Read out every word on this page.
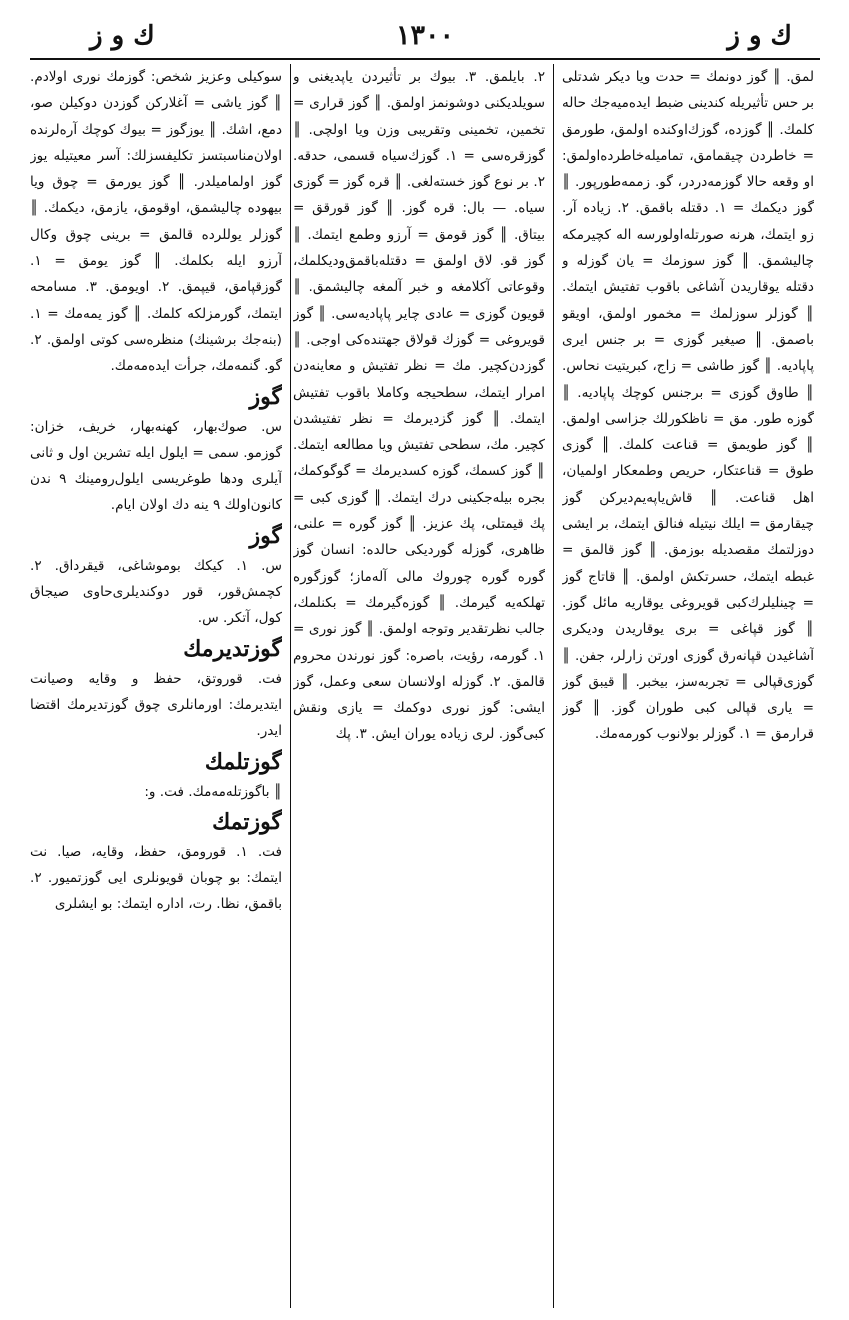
ك و ز
١٣٠٠
ك و ز

لمق. ║ گوز دونمك = حدت ویا دیکر شدتلی بر حس تأثیریله کندینی ضبط ایده‌میه‌جك حاله کلمك. ║ گوزده، گوزك‌اوکنده اولمق، طورمق = خاطردن چیقمامق، تمامیله‌خاطرده‌اولمق: او وقعه حالا گوزمه‌دردر، گو. زممه‌طورپور. ║ گوز دیکمك = ١. دقتله باقمق. ٢. زیاده آر. زو ایتمك، هرنه صورتله‌اولورسه اله کچیرمکه چالیشمق. ║ گوز سوزمك = یان گوزله و دقتله یوقاریدن آشاغی باقوب تفتیش ایتمك. ║ گوزلر سوزلمك = مخمور اولمق، اویقو باصمق. ║ صیغیر گوزی = بر جنس ایری پاپادیه. ║ گوز طاشی = زاج، کبریتیت نحاس. ║ طاوق گوزی = برجنس کوچك پاپادیه. ║ گوزه طور. مق = ناظکورلك جزاسی اولمق. ║ گوز طویمق = قناعت کلمك. ║ گوزی طوق = قناعتکار، حریص وطمعکار اولمیان، اهل قناعت. ║ قاش‌یاپه‌یم‌دیرکن گوز چیقارمق = ایلك نیتیله فنالق ایتمك، بر ایشی دوزلتمك مقصدیله بوزمق. ║ گوز قالمق = غبطه ایتمك، حسرتکش اولمق. ║ قاتاج گوز = چینلیلرك‌کبی قویروغی یوقاریه مائل گوز. ║ گوز قپاغی = بری یوقاریدن ودیکری آشاغیدن قپانه‌رق گوزی اورتن زارلر، جفن. ║ گوزی‌قپالی = تجربه‌سز، بیخبر. ║ قیبق گوز = یاری قپالی کبی طوران گوز. ║ گوز قرارمق = ١. گوزلر بولانوب کورمه‌مك.

٢. بایلمق. ٣. بیوك بر تأثیردن یاپدیغنی و سویلدیکنی دوشونمز اولمق. ║ گوز قراری = تخمین، تخمینی وتقریبی وزن ویا اولچی. ║ گوزقره‌سی = ١. گوزك‌سیاه قسمی، حدقه. ٢. بر نوع گوز خسته‌لغی. ║ قره گوز = گوزی سیاه. — بال: قره گوز. ║ گوز قورقق = بیتاق. ║ گوز قومق = آرزو وطمع ایتمك. ║ گوز قو. لاق اولمق = دقتله‌باقمق‌ودیکلمك، وقوعاتی آکلامغه و خبر آلمغه چالیشمق. ║ قویون گوزی = عادی چایر پاپادیه‌سی. ║ گوز قویروغی = گوزك قولاق جهتنده‌کی اوجی. ║ گوزدن‌کچیر. مك = نظر تفتیش و معاینه‌دن امرار ایتمك، سطحیجه وکاملا باقوب تفتیش ایتمك. ║ گوز گزدیرمك = نظر تفتیشدن کچیر. مك، سطحی تفتیش ویا مطالعه ایتمك. ║ گوز کسمك، گوزه کسدیرمك = گوگوکمك، بجره بیله‌جکینی درك ایتمك. ║ گوزی کبی = پك قیمتلی، پك عزیز. ║ گوز گوره = علنی، ظاهری، گوزله گوردیکی حالده: انسان گوز گوره‌ گوره‌ چوروك مالی آلەماز؛ گوزگوره تهلکه‌یه گیرمك. ║ گوزه‌گیرمك = بکنلمك، جالب نظرتقدیر وتوجه اولمق. ║ گوز نوری = ١. گورمه، رؤیت، باصره: گوز نورندن محروم قالمق. ٢. گوزله اولانسان سعی وعمل، گوز ایشی: گوز نوری دوکمك = یازی ونقش کبی‌گوز. لری زیاده یوران ایش. ٣. پك

سوکیلی وعزیز شخص: گوزمك نوری اولادم. ║ گوز یاشی = آغلارکن گوزدن دوکیلن صو، دمع، اشك. ║ یوزگوز = بیوك کوچك آره‌لرنده اولان‌مناسبتسز تکلیفسزلك: آسر معیتیله یوز گوز اولمامیلدر. ║ گوز یورمق = چوق ویا بیهوده چالیشمق، اوقومق، یازمق، دیکمك. ║ گوزلر یوللرده قالمق = برینی چوق وکال آرزو ایله بکلمك. ║ گوز یومق = ١. گوزقپامق، قیپمق. ٢. اویومق. ٣. مسامحه ایتمك، گورمزلکه کلمك. ║ گوز یمه‌مك = ١. (بنه‌جك برشینك) منظره‌سی کوتی اولمق. ٢. گو. گنمه‌مك، جرأت ایده‌مه‌مك.

گوز
س. صوك‌بهار، کهنه‌بهار، خریف، خزان: گوزمو. سمی = ایلول ایله تشرین اول و ثانی آیلری ودها طوغریسی ایلول‌رومینك ٩ ندن کانون‌اولك ٩ ینه دك اولان ایام.
گوز
س. ١. کیکك بوموشاغی، قیقرداق. ٢. کچمش‌قور، قور دوکندیلری‌حاوی صیجاق کول، آتکر. س.
گوزتدیرمك
فت. قوروتق، حفظ و وقایه وصیانت ایتدیرمك: اورمانلری چوق گوزتدیرمك اقتضا ایدر.
گوزتلمك
║ باگوزتله‌مه‌مك. فت. و:
گوزتمك
فت. ١. قورومق، حفظ، وقایه، صیا. نت ایتمك: بو چوبان قویونلری ایی گوزتمیور. ٢. باقمق، نظا. رت، اداره ایتمك: بو ایشلری
